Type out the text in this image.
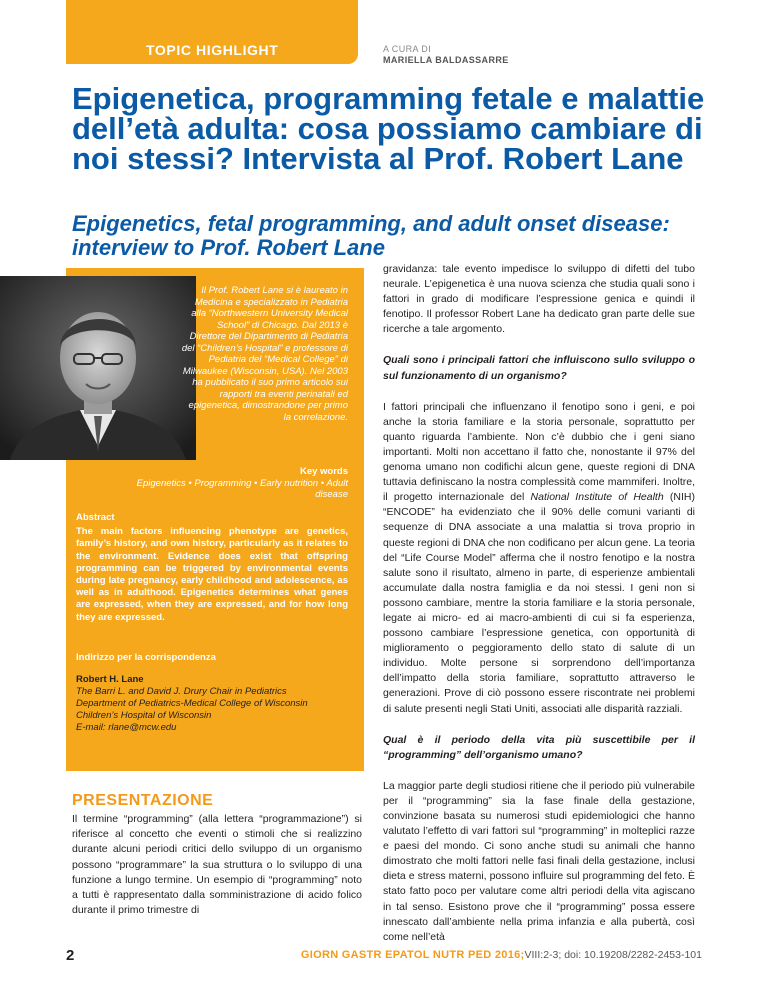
TOPIC HIGHLIGHT	A CURA DI
MARIELLA BALDASSARRE
Epigenetica, programming fetale e malattie dell’età adulta: cosa possiamo cambiare di noi stessi? Intervista al Prof. Robert Lane
Epigenetics, fetal programming, and adult onset disease: interview to Prof. Robert Lane
Il Prof. Robert Lane si è laureato in Medicina e specializzato in Pediatria alla “Northwestern University Medical School” di Chicago. Dal 2013 è Direttore del Dipartimento di Pediatria del “Children’s Hospital” e professore di Pediatria del “Medical College” di Milwaukee (Wisconsin, USA). Nel 2003 ha pubblicato il suo primo articolo sui rapporti tra eventi perinatali ed epigenetica, dimostrandone per primo la correlazione.
Key words
Epigenetics • Programming • Early nutrition • Adult disease
Abstract
The main factors influencing phenotype are genetics, family’s history, and own history, particularly as it relates to the environment. Evidence does exist that offspring programming can be triggered by environmental events during late pregnancy, early childhood and adolescence, as well as in adulthood. Epigenetics determines what genes are expressed, when they are expressed, and for how long they are expressed.
Indirizzo per la corrispondenza
Robert H. Lane
The Barri L. and David J. Drury Chair in Pediatrics
Department of Pediatrics-Medical College of Wisconsin
Children’s Hospital of Wisconsin
E-mail: rlane@mcw.edu
PRESENTAZIONE
Il termine “programming” (alla lettera “programmazione”) si riferisce al concetto che eventi o stimoli che si realizzino durante alcuni periodi critici dello sviluppo di un organismo possono “programmare” la sua struttura o lo sviluppo di una funzione a lungo termine. Un esempio di “programming” noto a tutti è rappresentato dalla somministrazione di acido folico durante il primo trimestre di

gravidanza: tale evento impedisce lo sviluppo di difetti del tubo neurale. L’epigenetica è una nuova scienza che studia quali sono i fattori in grado di modificare l’espressione genica e quindi il fenotipo. Il professor Robert Lane ha dedicato gran parte delle sue ricerche a tale argomento.

Quali sono i principali fattori che influiscono sullo sviluppo o sul funzionamento di un organismo?

I fattori principali che influenzano il fenotipo sono i geni, e poi anche la storia familiare e la storia personale, soprattutto per quanto riguarda l’ambiente. Non c’è dubbio che i geni siano importanti. Molti non accettano il fatto che, nonostante il 97% del genoma umano non codifichi alcun gene, queste regioni di DNA tuttavia definiscano la nostra complessità come mammiferi. Inoltre, il progetto internazionale del National Institute of Health (NIH) “ENCODE” ha evidenziato che il 90% delle comuni varianti di sequenze di DNA associate a una malattia si trova proprio in queste regioni di DNA che non codificano per alcun gene. La teoria del “Life Course Model” afferma che il nostro fenotipo e la nostra salute sono il risultato, almeno in parte, di esperienze ambientali accumulate dalla nostra famiglia e da noi stessi. I geni non si possono cambiare, mentre la storia familiare e la storia personale, legate ai micro- ed ai macro-ambienti di cui si fa esperienza, possono cambiare l’espressione genetica, con opportunità di miglioramento o peggioramento dello stato di salute di un individuo. Molte persone si sorprendono dell’importanza dell’impatto della storia familiare, soprattutto attraverso le generazioni. Prove di ciò possono essere riscontrate nei problemi di salute presenti negli Stati Uniti, associati alle disparità razziali.

Qual è il periodo della vita più suscettibile per il “programming” dell’organismo umano?

La maggior parte degli studiosi ritiene che il periodo più vulnerabile per il “programming” sia la fase finale della gestazione, convinzione basata su numerosi studi epidemiologici che hanno valutato l’effetto di vari fattori sul “programming” in molteplici razze e paesi del mondo. Ci sono anche studi su animali che hanno dimostrato che molti fattori nelle fasi finali della gestazione, inclusi dieta e stress materni, possono influire sul programming del feto. È stato fatto poco per valutare come altri periodi della vita agiscano in tal senso. Esistono prove che il “programming” possa essere innescato dall’ambiente nella prima infanzia e alla pubertà, così come nell’età

2	GIORN GASTR EPATOL NUTR PED 2016;VIII:2-3; doi: 10.19208/2282-2453-101
